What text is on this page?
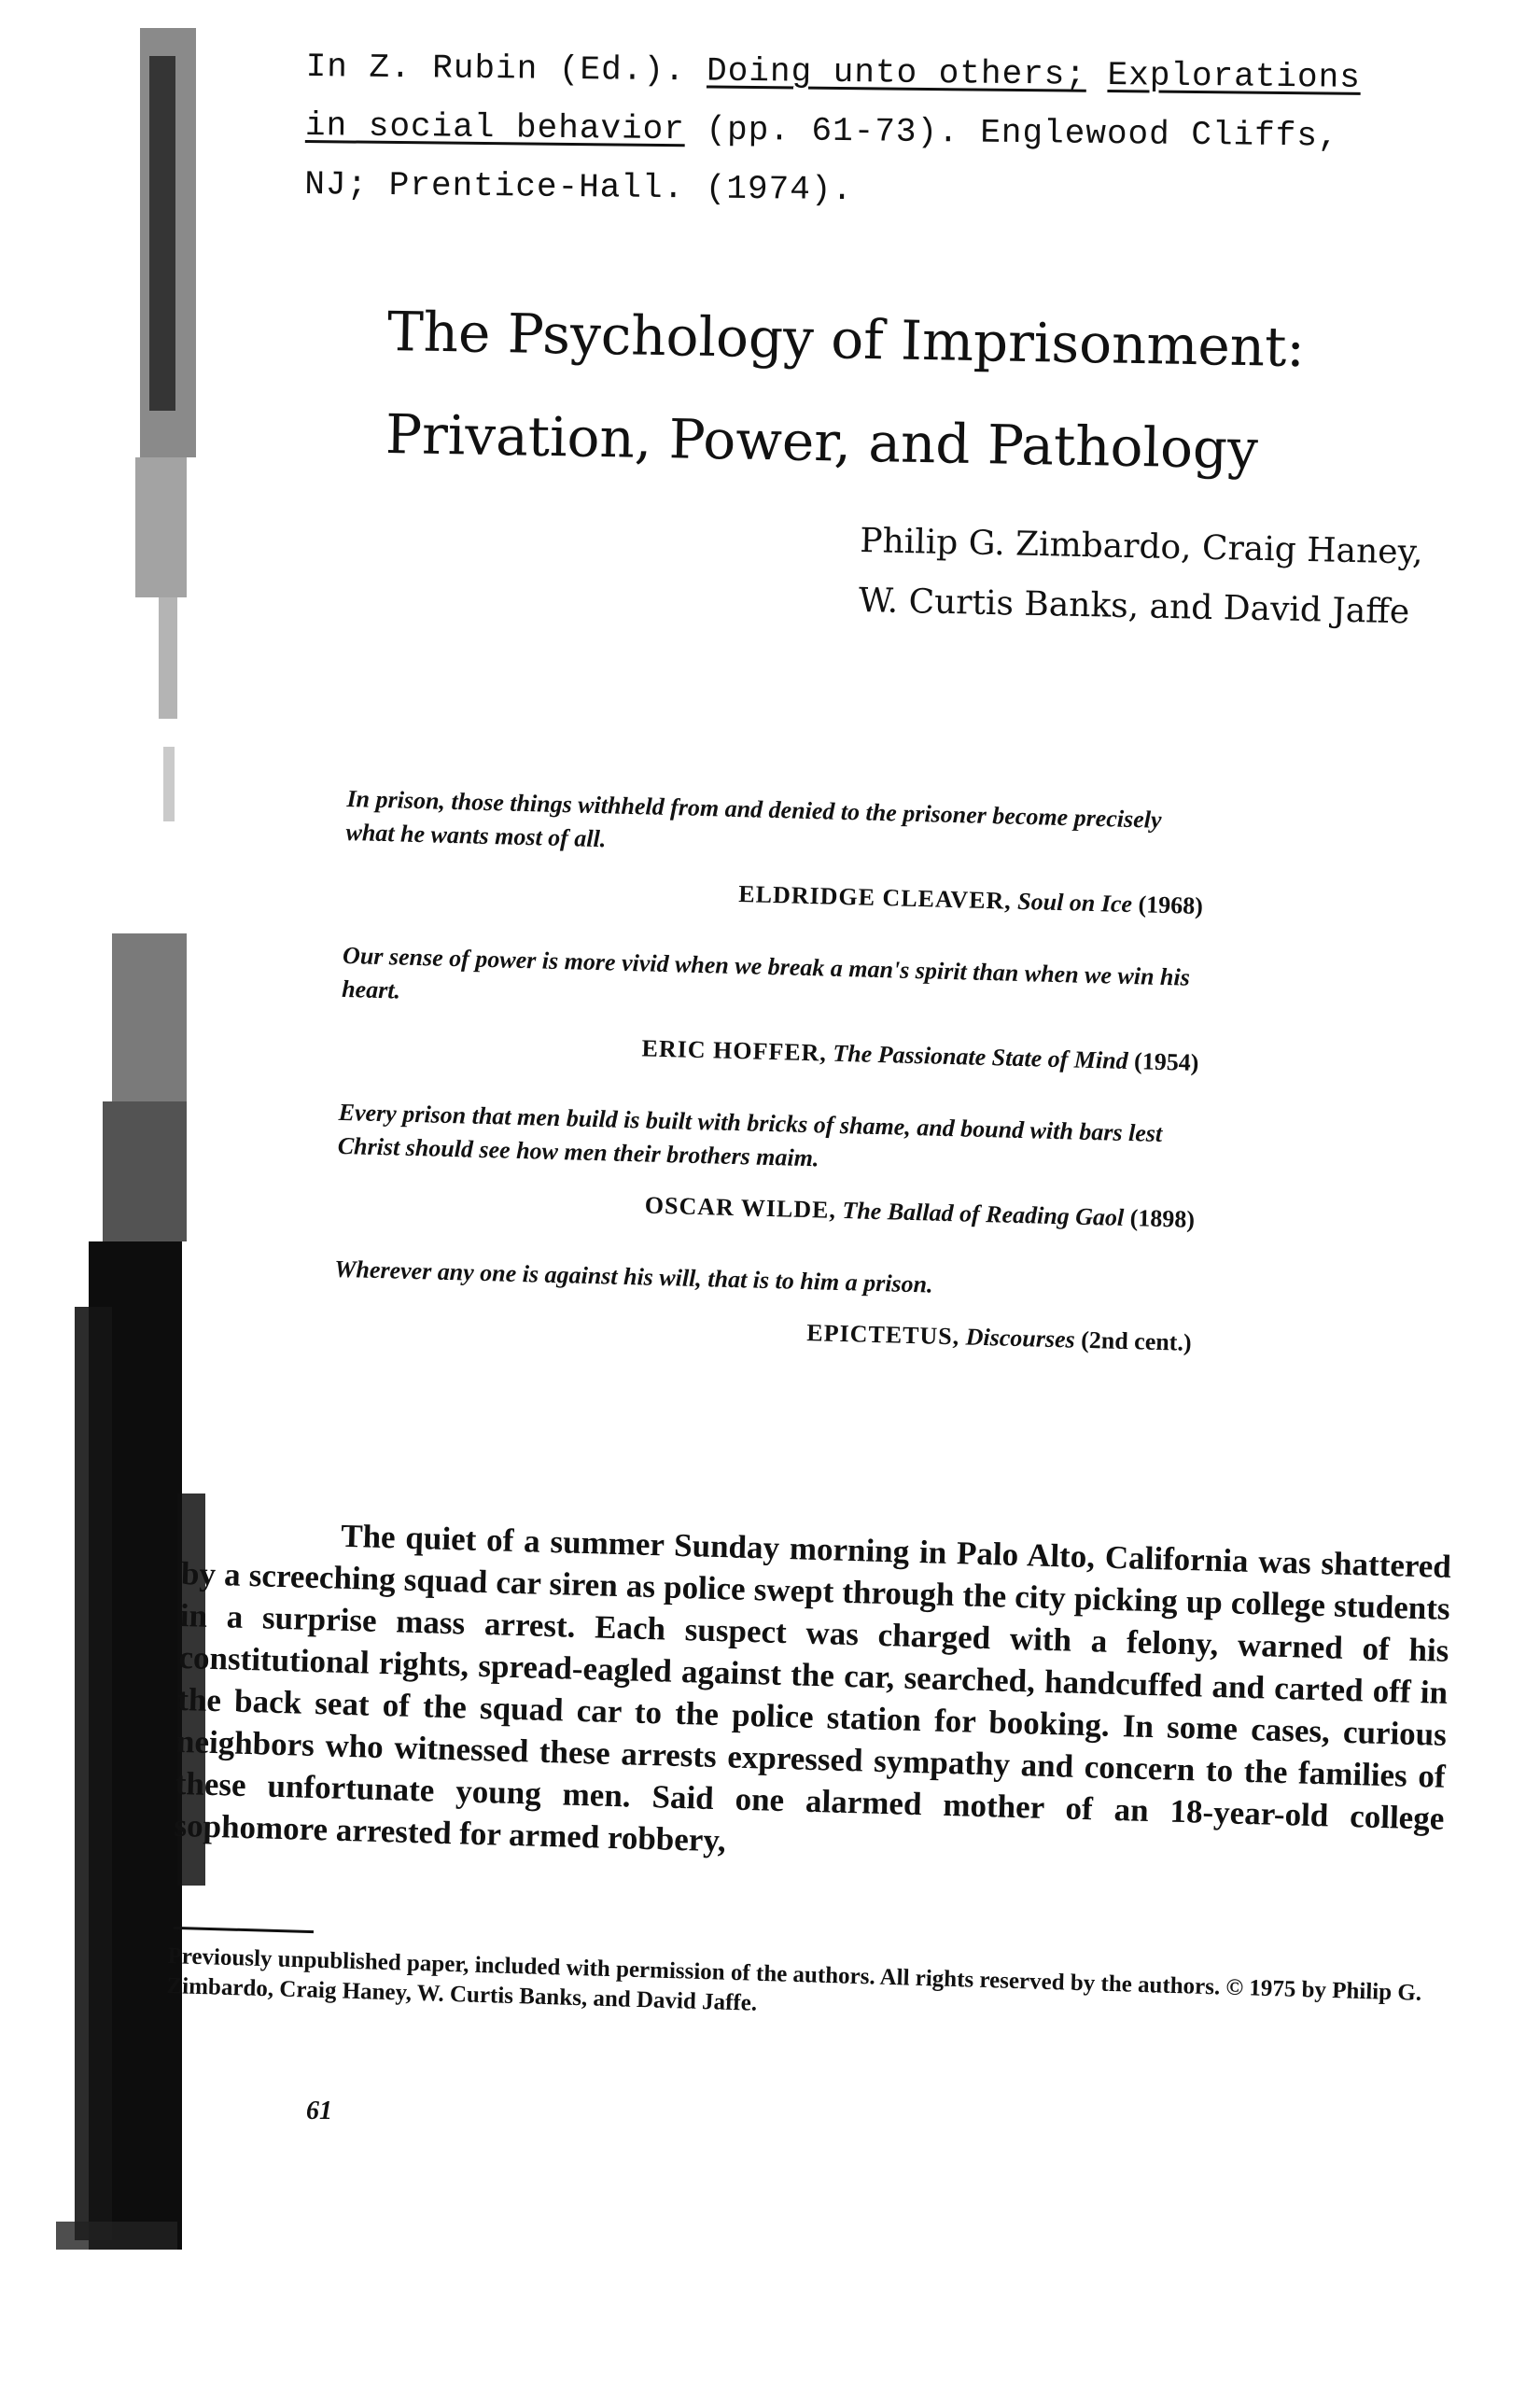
In Z. Rubin (Ed.). Doing unto others; Explorations
in social behavior (pp. 61-73). Englewood Cliffs,
NJ; Prentice-Hall. (1974).
The Psychology of Imprisonment:
Privation, Power, and Pathology
Philip G. Zimbardo, Craig Haney,
W. Curtis Banks, and David Jaffe
In prison, those things withheld from and denied to the prisoner become precisely what he wants most of all.
ELDRIDGE CLEAVER, Soul on Ice (1968)
Our sense of power is more vivid when we break a man's spirit than when we win his heart.
ERIC HOFFER, The Passionate State of Mind (1954)
Every prison that men build is built with bricks of shame, and bound with bars lest Christ should see how men their brothers maim.
OSCAR WILDE, The Ballad of Reading Gaol (1898)
Wherever any one is against his will, that is to him a prison.
EPICTETUS, Discourses (2nd cent.)
The quiet of a summer Sunday morning in Palo Alto, California was shattered by a screeching squad car siren as police swept through the city picking up college students in a surprise mass arrest. Each suspect was charged with a felony, warned of his constitutional rights, spread-eagled against the car, searched, handcuffed and carted off in the back seat of the squad car to the police station for booking. In some cases, curious neighbors who witnessed these arrests expressed sympathy and concern to the families of these unfortunate young men. Said one alarmed mother of an 18-year-old college sophomore arrested for armed robbery,
Previously unpublished paper, included with permission of the authors. All rights reserved by the authors. © 1975 by Philip G. Zimbardo, Craig Haney, W. Curtis Banks, and David Jaffe.
61
